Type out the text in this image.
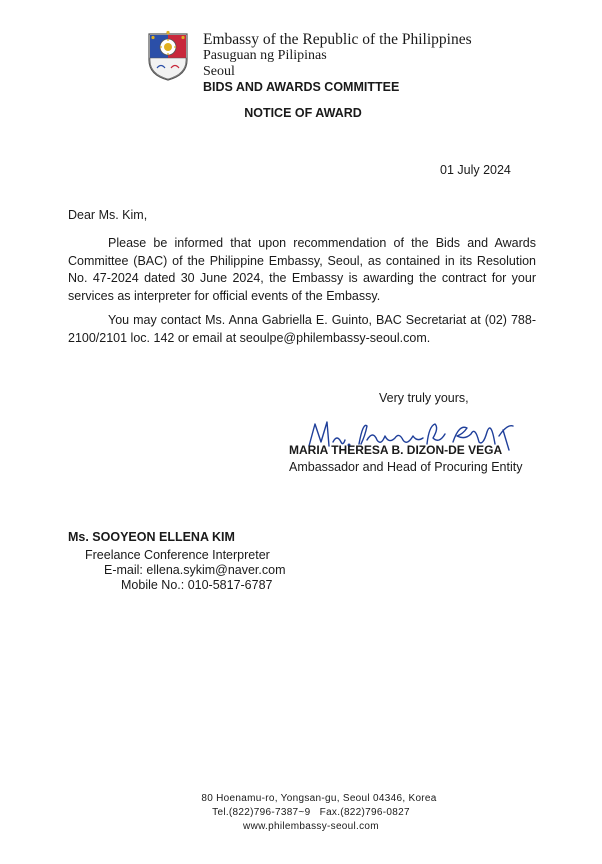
Embassy of the Republic of the Philippines
Pasuguan ng Pilipinas
Seoul
BIDS AND AWARDS COMMITTEE
NOTICE OF AWARD
01 July 2024
Dear Ms. Kim,
Please be informed that upon recommendation of the Bids and Awards Committee (BAC) of the Philippine Embassy, Seoul, as contained in its Resolution No. 47-2024 dated 30 June 2024, the Embassy is awarding the contract for your services as interpreter for official events of the Embassy.
You may contact Ms. Anna Gabriella E. Guinto, BAC Secretariat at (02) 788-2100/2101 loc. 142 or email at seoulpe@philembassy-seoul.com.
Very truly yours,
MARIA THERESA B. DIZON-DE VEGA
Ambassador and Head of Procuring Entity
Ms. SOOYEON ELLENA KIM
Freelance Conference Interpreter
E-mail: ellena.sykim@naver.com
Mobile No.: 010-5817-6787
80 Hoenamu-ro, Yongsan-gu, Seoul 04346, Korea
Tel.(822)796-7387~9   Fax.(822)796-0827
www.philembassy-seoul.com
